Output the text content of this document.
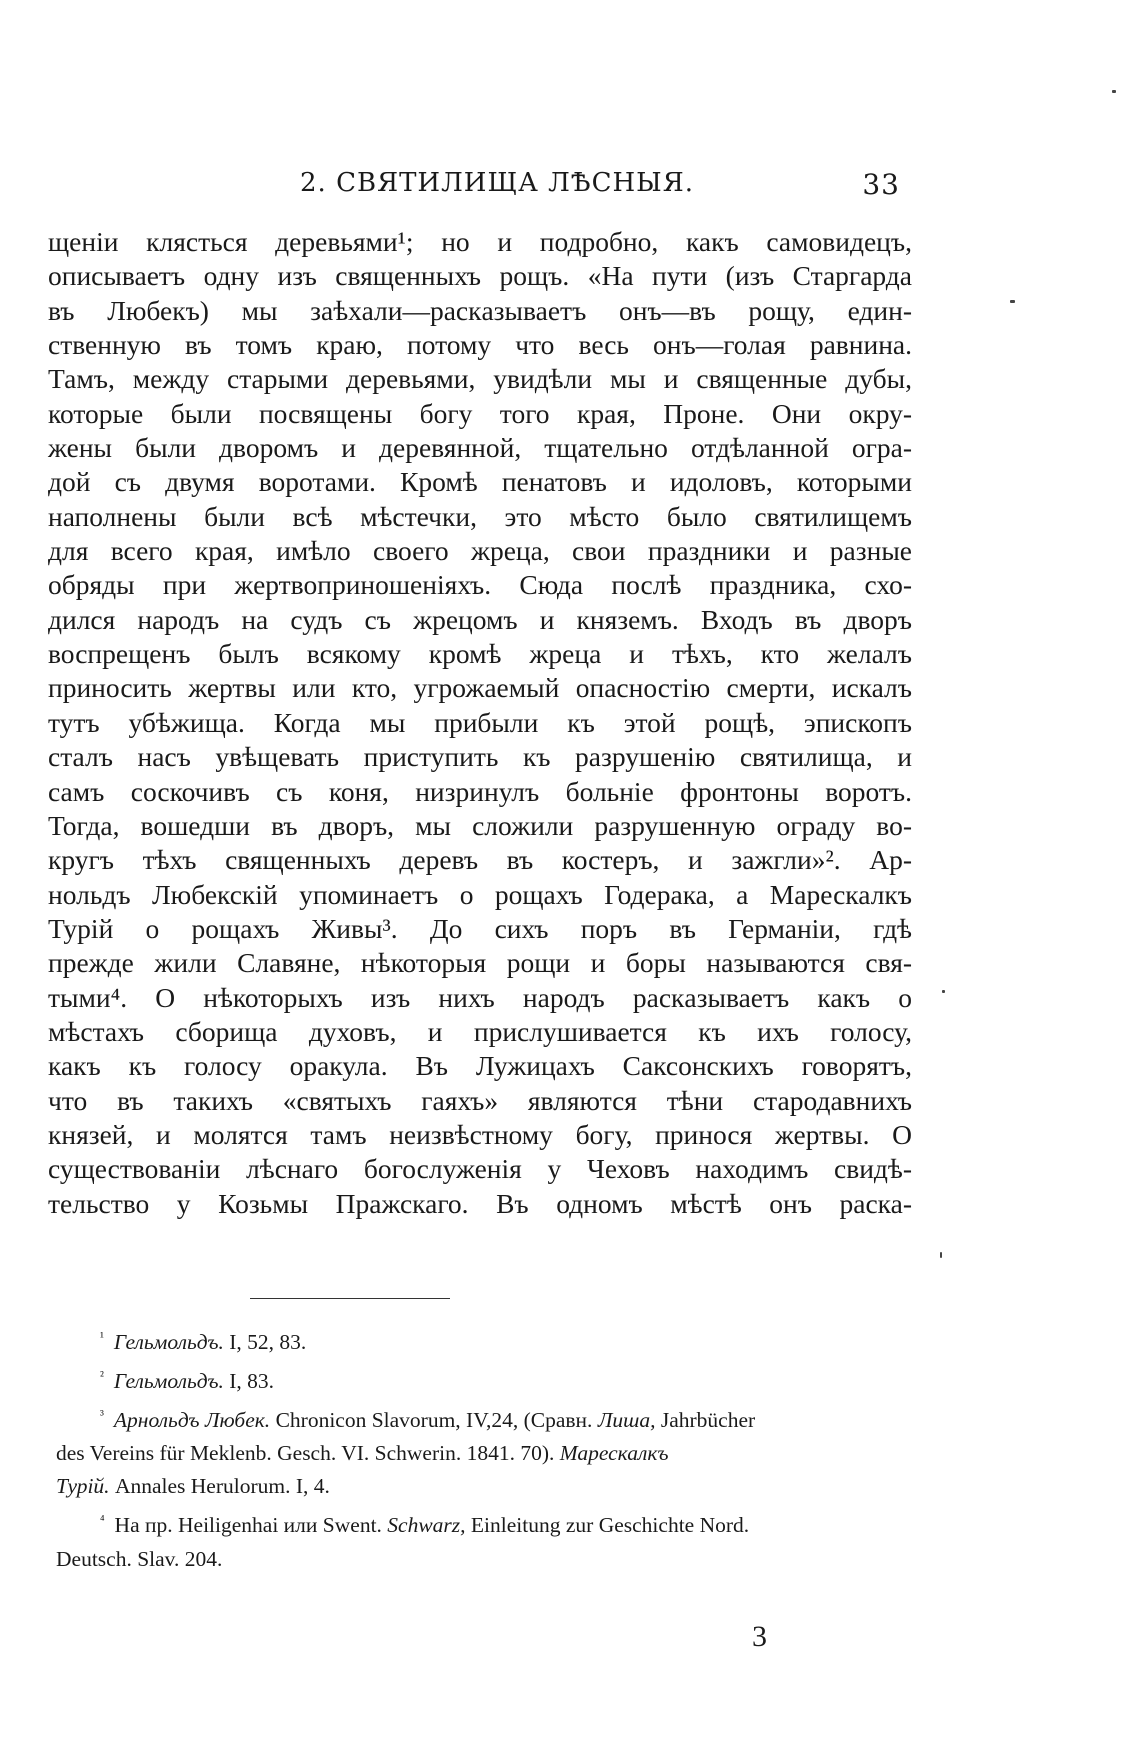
2. СВЯТИЛИЩА ЛѢСНЫЯ.	33
щеніи клясться деревьями¹; но и подробно, какъ самовидецъ,
описываетъ одну изъ священныхъ рощъ. «На пути (изъ Старгарда
въ Любекъ) мы заѣхали—раскaзываетъ онъ—въ рощу, един-
ственную въ томъ краю, потому что весь онъ—голая равнина.
Тамъ, между старыми деревьями, увидѣли мы и священные дубы,
которые были посвящены богу того края, Проне. Они окру-
жены были дворомъ и деревянной, тщательно отдѣланной огра-
дой съ двумя воротами. Кромѣ пенатовъ и идоловъ, которыми
наполнены были всѣ мѣстечки, это мѣсто было святилищемъ
для всего края, имѣло своего жреца, свои праздники и разные
обряды при жертвоприношеніяхъ. Сюда послѣ праздника, схо-
дился народъ на судъ съ жрецомъ и княземъ. Входъ въ дворъ
воспрещенъ былъ всякому кромѣ жреца и тѣхъ, кто желалъ
приносить жертвы или кто, угрожаемый опасностію смерти, искалъ
тутъ убѣжища. Когда мы прибыли къ этой рощѣ, эпископъ
сталъ насъ увѣщевать приступить къ разрушенію святилища, и
самъ соскочивъ съ коня, низринулъ больніе фронтоны воротъ.
Тогда, вошедши въ дворъ, мы сложили разрушенную ограду во-
кругъ тѣхъ священныхъ деревъ въ костеръ, и зажгли»². Ар-
нольдъ Любекскій упоминаетъ о рощахъ Годерака, а Марескалкъ
Турій о рощахъ Живы³. До сихъ поръ въ Германіи, гдѣ
прежде жили Славяне, нѣкоторыя рощи и боры называются свя-
тыми⁴. О нѣкоторыхъ изъ нихъ народъ раскaзываетъ какъ о
мѣстахъ сборища духовъ, и прислушивается къ ихъ голосу,
какъ къ голосу оракула. Въ Лужицахъ Саксонскихъ говорятъ,
что въ такихъ «святыхъ гаяхъ» являются тѣни стародавнихъ
князей, и молятся тамъ неизвѣстному богу, принося жертвы. О
существованіи лѣснаго богослуженія у Чеховъ находимъ свидѣ-
тельство у Козьмы Пражскаго. Въ одномъ мѣстѣ онъ раска-
$^{^1}$ Гельмольдъ. I, 52, 83.
$^{^2}$ Гельмольдъ. I, 83.
$^{^3}$ Арнольдъ Любек. Chronicon Slavorum, IV,24, (Сравн. Лиша, Jahrbücher
des Vereins für Meklenb. Gesch. VI. Schwerin. 1841. 70). Марескалкъ
Турій. Annales Herulorum. I, 4.
$^{^4}$ На пр. Heiligenhai или Swent. Schwarz, Einleitung zur Geschichte Nord.
Deutsch. Slav. 204.
3
